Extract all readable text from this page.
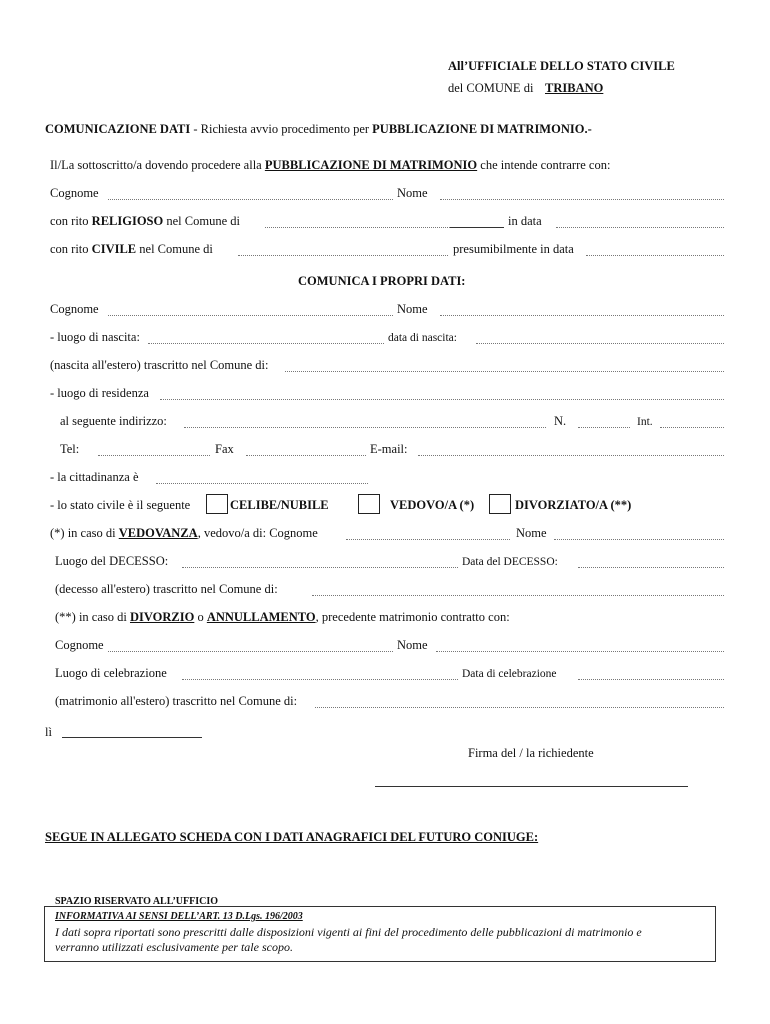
All’UFFICIALE DELLO STATO CIVILE
del COMUNE di TRIBANO
COMUNICAZIONE DATI - Richiesta avvio procedimento per PUBBLICAZIONE DI MATRIMONIO.-
Il/La sottoscritto/a dovendo procedere alla PUBBLICAZIONE DI MATRIMONIO che intende contrarre con:
Cognome	Nome
con rito RELIGIOSO nel Comune di	in data
con rito CIVILE nel Comune di	presumibilmente in data
COMUNICA I PROPRI DATI:
Cognome	Nome
- luogo di nascita:	data di nascita:
(nascita all'estero) trascritto nel Comune di:
- luogo di residenza
al seguente indirizzo:	N.	Int.
Tel:	Fax	E-mail:
- la cittadinanza è
- lo stato civile è il seguente	CELIBE/NUBILE	VEDOVO/A (*)	DIVORZIATO/A (**)
(*) in caso di VEDOVANZA, vedovo/a di: Cognome	Nome
Luogo del DECESSO:	Data del DECESSO:
(decesso all'estero) trascritto nel Comune di:
(**) in caso di DIVORZIO o ANNULLAMENTO, precedente matrimonio contratto con:
Cognome	Nome
Luogo di celebrazione	Data di celebrazione
(matrimonio all'estero) trascritto nel Comune di:
lì
Firma del / la richiedente
SEGUE IN ALLEGATO SCHEDA CON I DATI ANAGRAFICI DEL FUTURO CONIUGE:
SPAZIO RISERVATO ALL’UFFICIO
INFORMATIVA AI SENSI DELL’ART. 13 D.Lgs. 196/2003
I dati sopra riportati sono prescritti dalle disposizioni vigenti ai fini del procedimento delle pubblicazioni di matrimonio e
verranno utilizzati esclusivamente per tale scopo.
